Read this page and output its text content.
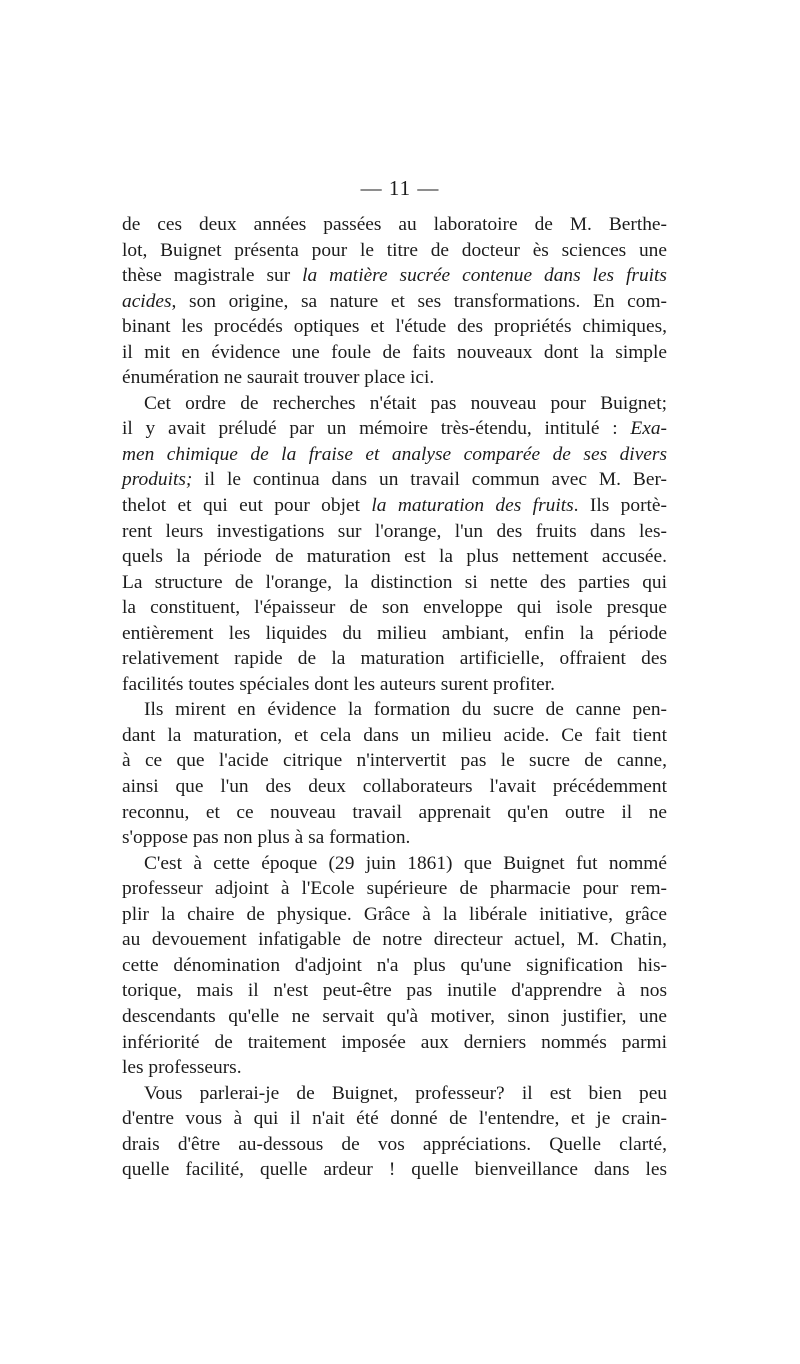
— 11 —
de ces deux années passées au laboratoire de M. Berthe-
lot, Buignet présenta pour le titre de docteur ès sciences une
thèse magistrale sur la matière sucrée contenue dans les fruits
acides, son origine, sa nature et ses transformations. En com-
binant les procédés optiques et l'étude des propriétés chimiques,
il mit en évidence une foule de faits nouveaux dont la simple
énumération ne saurait trouver place ici.
Cet ordre de recherches n'était pas nouveau pour Buignet;
il y avait préludé par un mémoire très-étendu, intitulé : Exa-
men chimique de la fraise et analyse comparée de ses divers
produits; il le continua dans un travail commun avec M. Ber-
thelot et qui eut pour objet la maturation des fruits. Ils portè-
rent leurs investigations sur l'orange, l'un des fruits dans les-
quels la période de maturation est la plus nettement accusée.
La structure de l'orange, la distinction si nette des parties qui
la constituent, l'épaisseur de son enveloppe qui isole presque
entièrement les liquides du milieu ambiant, enfin la période
relativement rapide de la maturation artificielle, offraient des
facilités toutes spéciales dont les auteurs surent profiter.
Ils mirent en évidence la formation du sucre de canne pen-
dant la maturation, et cela dans un milieu acide. Ce fait tient
à ce que l'acide citrique n'intervertit pas le sucre de canne,
ainsi que l'un des deux collaborateurs l'avait précédemment
reconnu, et ce nouveau travail apprenait qu'en outre il ne
s'oppose pas non plus à sa formation.
C'est à cette époque (29 juin 1861) que Buignet fut nommé
professeur adjoint à l'Ecole supérieure de pharmacie pour rem-
plir la chaire de physique. Grâce à la libérale initiative, grâce
au devouement infatigable de notre directeur actuel, M. Chatin,
cette dénomination d'adjoint n'a plus qu'une signification his-
torique, mais il n'est peut-être pas inutile d'apprendre à nos
descendants qu'elle ne servait qu'à motiver, sinon justifier, une
infériorité de traitement imposée aux derniers nommés parmi
les professeurs.
Vous parlerai-je de Buignet, professeur? il est bien peu
d'entre vous à qui il n'ait été donné de l'entendre, et je crain-
drais d'être au-dessous de vos appréciations. Quelle clarté,
quelle facilité, quelle ardeur ! quelle bienveillance dans les
